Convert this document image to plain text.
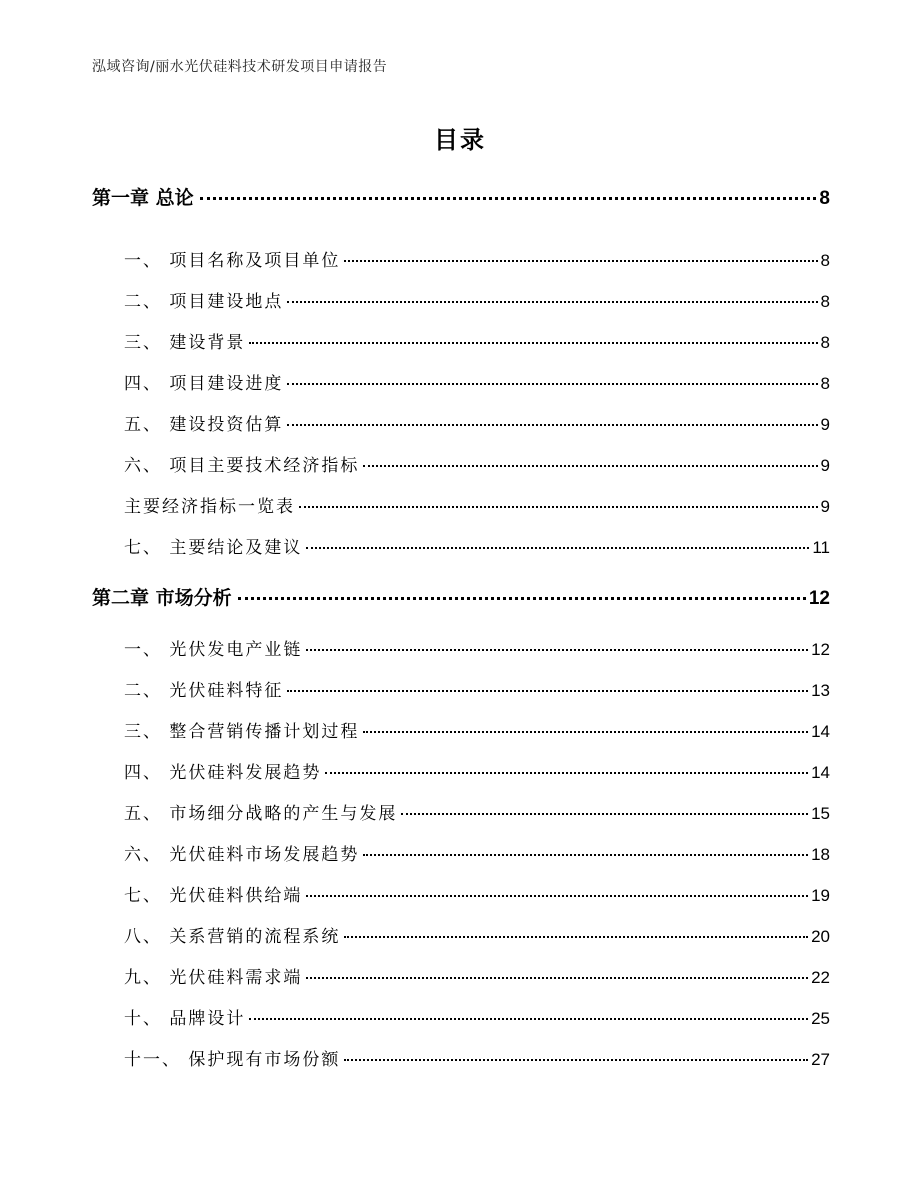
泓域咨询/丽水光伏硅料技术研发项目申请报告
目录
第一章 总论	8
一、 项目名称及项目单位	8
二、 项目建设地点	8
三、 建设背景	8
四、 项目建设进度	8
五、 建设投资估算	9
六、 项目主要技术经济指标	9
主要经济指标一览表	9
七、 主要结论及建议	11
第二章 市场分析	12
一、 光伏发电产业链	12
二、 光伏硅料特征	13
三、 整合营销传播计划过程	14
四、 光伏硅料发展趋势	14
五、 市场细分战略的产生与发展	15
六、 光伏硅料市场发展趋势	18
七、 光伏硅料供给端	19
八、 关系营销的流程系统	20
九、 光伏硅料需求端	22
十、 品牌设计	25
十一、 保护现有市场份额	27
